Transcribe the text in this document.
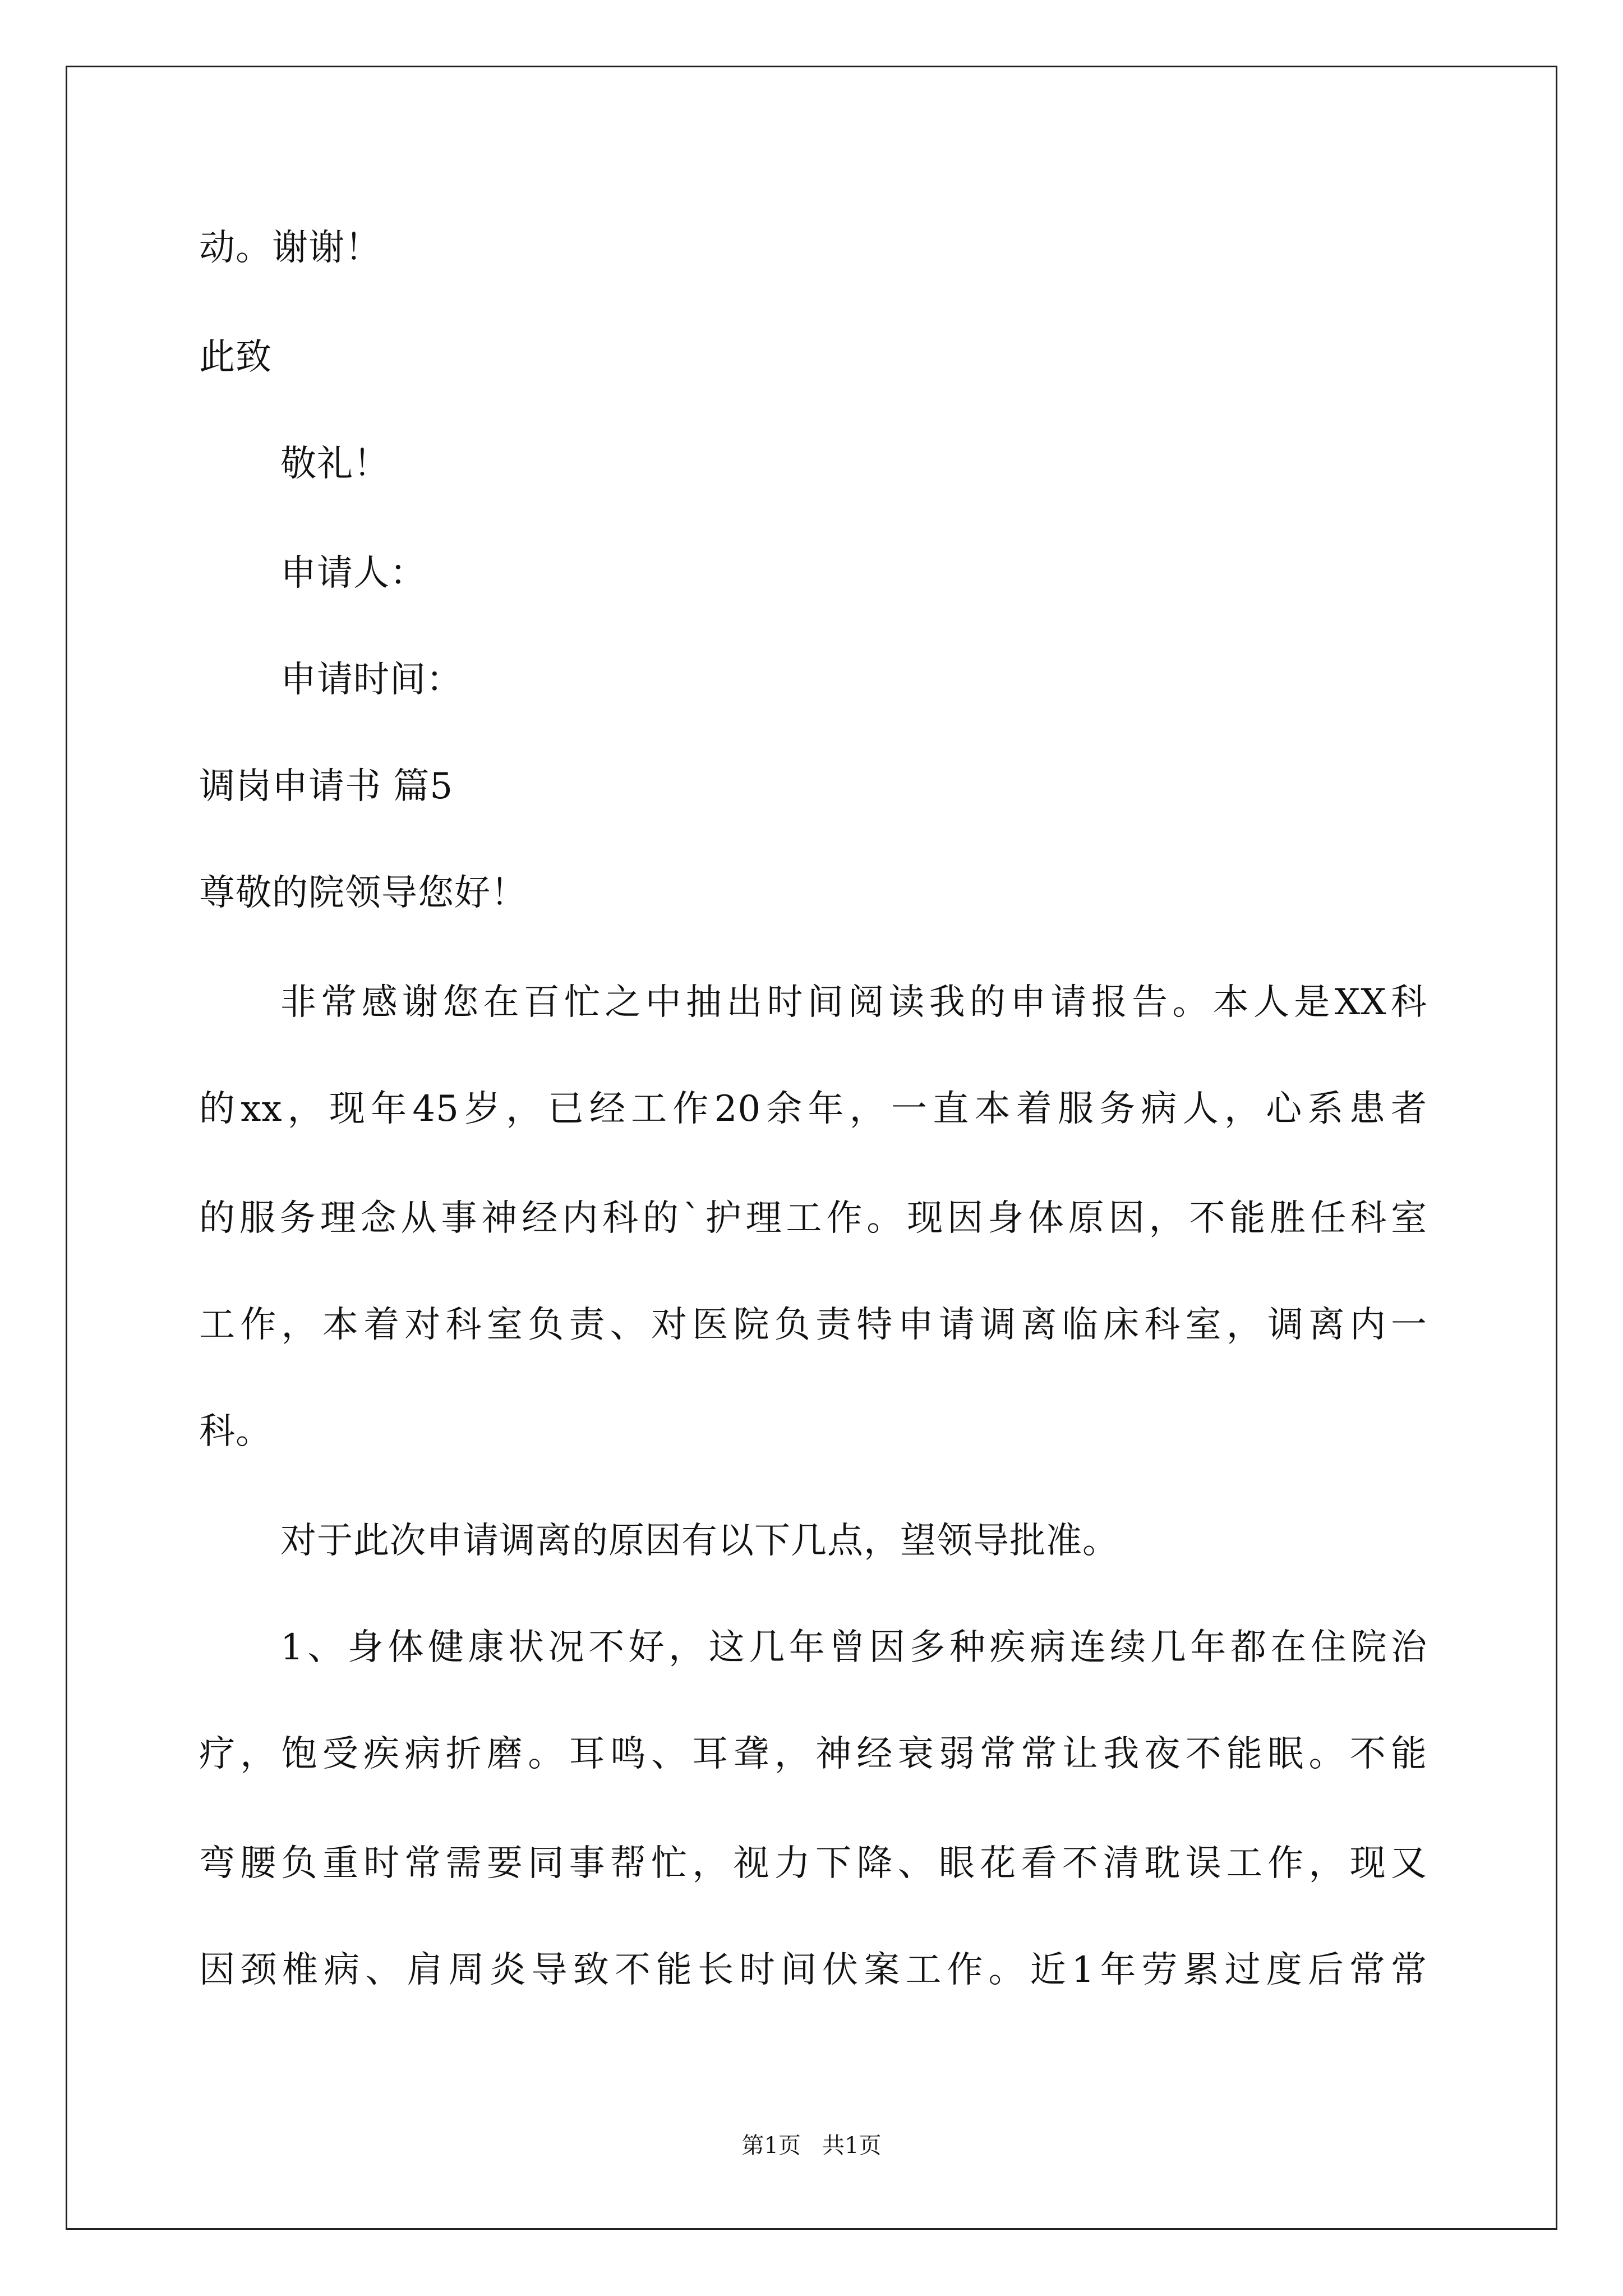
动。谢谢！
此致
敬礼！
申请人：
申请时间：
调岗申请书 篇5
尊敬的院领导您好！
非常感谢您在百忙之中抽出时间阅读我的申请报告。本人是XX科
的xx，现年45岁，已经工作20余年，一直本着服务病人，心系患者
的服务理念从事神经内科的`护理工作。现因身体原因，不能胜任科室
工作，本着对科室负责、对医院负责特申请调离临床科室，调离内一
科。
对于此次申请调离的原因有以下几点，望领导批准。
1、身体健康状况不好，这几年曾因多种疾病连续几年都在住院治
疗，饱受疾病折磨。耳鸣、耳聋，神经衰弱常常让我夜不能眠。不能
弯腰负重时常需要同事帮忙，视力下降、眼花看不清耽误工作，现又
因颈椎病、肩周炎导致不能长时间伏案工作。近1年劳累过度后常常
第1页   共1页
